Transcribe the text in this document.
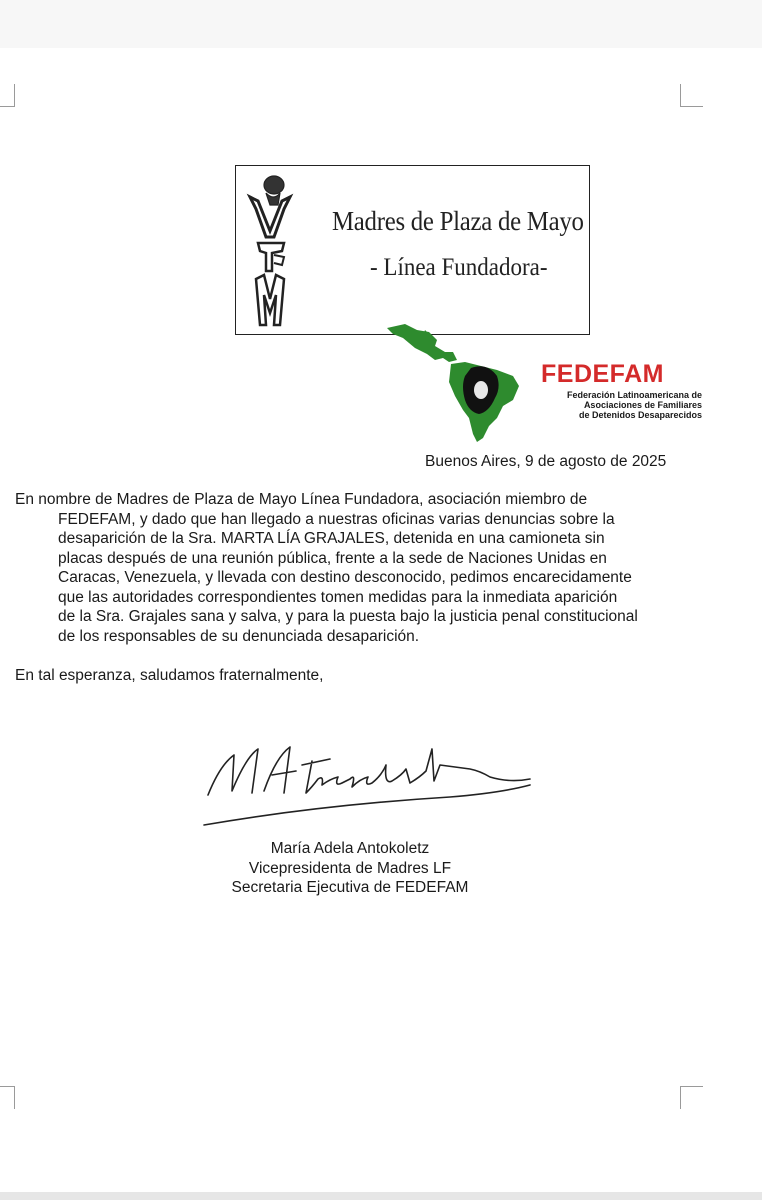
Madres de Plaza de Mayo
- Línea Fundadora-
FEDEFAM
Federación Latinoamericana de
Asociaciones de Familiares
de Detenidos Desaparecidos
Buenos Aires, 9 de agosto de 2025

En nombre de Madres de Plaza de Mayo Línea Fundadora, asociación miembro de

FEDEFAM, y dado que han llegado a nuestras oficinas varias denuncias sobre la

desaparición de la Sra. MARTA LÍA GRAJALES, detenida en una camioneta sin

placas después de una reunión pública, frente a la sede de Naciones Unidas en

Caracas, Venezuela, y llevada con destino desconocido, pedimos encarecidamente

que las autoridades correspondientes tomen medidas para la inmediata aparición

de la Sra. Grajales sana y salva, y para la puesta bajo la justicia penal constitucional

de los responsables de su denunciada desaparición.

En tal esperanza, saludamos fraternalmente,
María Adela Antokoletz
Vicepresidenta de Madres LF
Secretaria Ejecutiva de FEDEFAM
